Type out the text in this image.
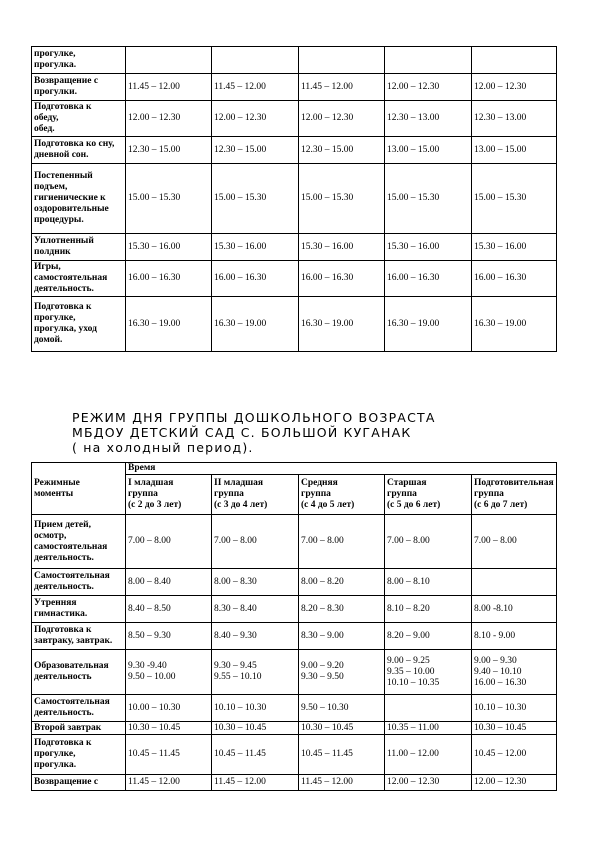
прогулке,
прогулка.					

Возвращение с
прогулки.	11.45 – 12.00	11.45 – 12.00	11.45 – 12.00	12.00 – 12.30	12.00 – 12.30

Подготовка к
обеду,
обед.	12.00 – 12.30	12.00 – 12.30	12.00 – 12.30	12.30 – 13.00	12.30 – 13.00

Подготовка ко сну,
дневной сон.	12.30 – 15.00	12.30 – 15.00	12.30 – 15.00	13.00 – 15.00	13.00 – 15.00

Постепенный
подъем,
гигиенические к
оздоровительные
процедуры.	15.00 – 15.30	15.00 – 15.30	15.00 – 15.30	15.00 – 15.30	15.00 – 15.30

Уплотненный
полдник	15.30 – 16.00	15.30 – 16.00	15.30 – 16.00	15.30 – 16.00	15.30 – 16.00

Игры,
самостоятельная
деятельность.	16.00 – 16.30	16.00 – 16.30	16.00 – 16.30	16.00 – 16.30	16.00 – 16.30

Подготовка к
прогулке,
прогулка, уход
домой.	16.30 – 19.00	16.30 – 19.00	16.30 – 19.00	16.30 – 19.00	16.30 – 19.00
РЕЖИМ ДНЯ ГРУППЫ ДОШКОЛЬНОГО ВОЗРАСТА
МБДОУ ДЕТСКИЙ САД С. БОЛЬШОЙ КУГАНАК
( на холодный период).
Режимные
моменты	Время				

	I младшая
группа
(с 2 до 3 лет)	II младшая
группа
(с 3 до 4 лет)	Средняя
группа
(с 4 до 5 лет)	Старшая
группа
(с 5 до 6 лет)	Подготовительная
группа
(с 6 до 7 лет)

Прием детей,
осмотр,
самостоятельная
деятельность.	7.00 – 8.00	7.00 – 8.00	7.00 – 8.00	7.00 – 8.00	7.00 – 8.00

Самостоятельная
деятельность.	8.00 – 8.40	8.00 – 8.30	8.00 – 8.20	8.00 – 8.10	

Утренняя
гимнастика.	8.40 – 8.50	8.30 – 8.40	8.20 – 8.30	8.10 – 8.20	8.00 -8.10

Подготовка к
завтраку, завтрак.	8.50 – 9.30	8.40 – 9.30	8.30 – 9.00	8.20 – 9.00	8.10 - 9.00

Образовательная
деятельность	9.30 -9.40
9.50 – 10.00	9.30 – 9.45
9.55 – 10.10	9.00 – 9.20
9.30 – 9.50	9.00 – 9.25
9.35 – 10.00
10.10 – 10.35	9.00 – 9.30
9.40 – 10.10
16.00 – 16.30

Самостоятельная
деятельность.	10.00 – 10.30	10.10 – 10.30	9.50 – 10.30		10.10 – 10.30

Второй завтрак	10.30 – 10.45	10.30 – 10.45	10.30 – 10.45	10.35 – 11.00	10.30 – 10.45

Подготовка к
прогулке,
прогулка.	10.45 – 11.45	10.45 – 11.45	10.45 – 11.45	11.00 – 12.00	10.45 – 12.00

Возвращение с	11.45 – 12.00	11.45 – 12.00	11.45 – 12.00	12.00 – 12.30	12.00 – 12.30
